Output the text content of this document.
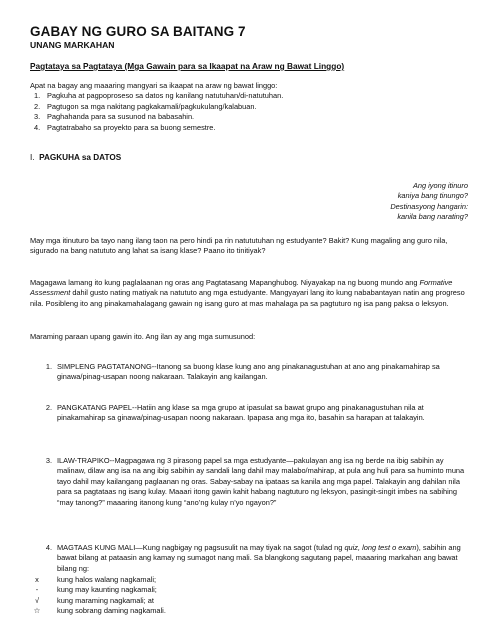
GABAY NG GURO SA BAITANG 7
UNANG MARKAHAN
Pagtataya sa Pagtataya (Mga Gawain para sa Ikaapat na Araw ng Bawat Linggo)

Apat na bagay ang maaaring mangyari sa ikaapat na araw ng bawat linggo:

1. Pagkuha at pagpoproseso sa datos ng kanilang natutuhan/di-natutuhan.
2. Pagtugon sa mga nakitang pagkakamali/pagkukulang/kalabuan.
3. Paghahanda para sa susunod na babasahin.
4. Pagtatrabaho sa proyekto para sa buong semestre.
I. PAGKUHA sa DATOS
Ang iyong itinuro
kaniya bang tinungo?
Destinasyong hangarin:
kanila bang narating?

May mga itinuturo ba tayo nang ilang taon na pero hindi pa rin natututuhan ng estudyante? Bakit? Kung magaling ang guro nila, sigurado na bang natututo ang lahat sa isang klase? Paano ito tinitiyak?

Magagawa lamang ito kung paglalaanan ng oras ang Pagtatasang Mapanghubog. Niyayakap na ng buong mundo ang Formative Assessment dahil gusto nating matiyak na natututo ang mga estudyante. Mangyayari lang ito kung nababantayan natin ang progreso nila. Posibleng ito ang pinakamahalagang gawain ng isang guro at mas mahalaga pa sa pagtuturo ng isa pang paksa o leksyon.

Maraming paraan upang gawin ito. Ang ilan ay ang mga sumusunod:

1. SIMPLENG PAGTATANONG--Itanong sa buong klase kung ano ang pinakanagustuhan at ano ang pinakamahirap sa ginawa/pinag-usapan noong nakaraan. Talakayin ang kailangan.
2. PANGKATANG PAPEL--Hatiin ang klase sa mga grupo at ipasulat sa bawat grupo ang pinakanagustuhan nila at pinakamahirap sa ginawa/pinag-usapan noong nakaraan. Ipapasa ang mga ito, basahin sa harapan at talakayin.
3. ILAW-TRAPIKO--Magpagawa ng 3 pirasong papel sa mga estudyante—pakulayan ang isa ng berde na ibig sabihin ay malinaw, dilaw ang isa na ang ibig sabihin ay sandali lang dahil may malabo/mahirap, at pula ang huli para sa huminto muna tayo dahil may kailangang paglaanan ng oras. Sabay-sabay na ipataas sa kanila ang mga papel. Talakayin ang dahilan nila para sa pagtataas ng isang kulay. Maaari itong gawin kahit habang nagtuturo ng leksyon, pasingit-singit imbes na sabihing “may tanong?” maaaring itanong kung “ano’ng kulay n’yo ngayon?”
4. MAGTAAS KUNG MALI—Kung nagbigay ng pagsusulit na may tiyak na sagot (tulad ng quiz, long test o exam), sabihin ang bawat bilang at pataasin ang kamay ng sumagot nang mali. Sa blangkong sagutang papel, maaaring markahan ang bawat bilang ng:
x	kung halos walang nagkamali;
-	kung may kaunting nagkamali;
√	kung maraming nagkamali; at
☆	kung sobrang daming nagkamali.
